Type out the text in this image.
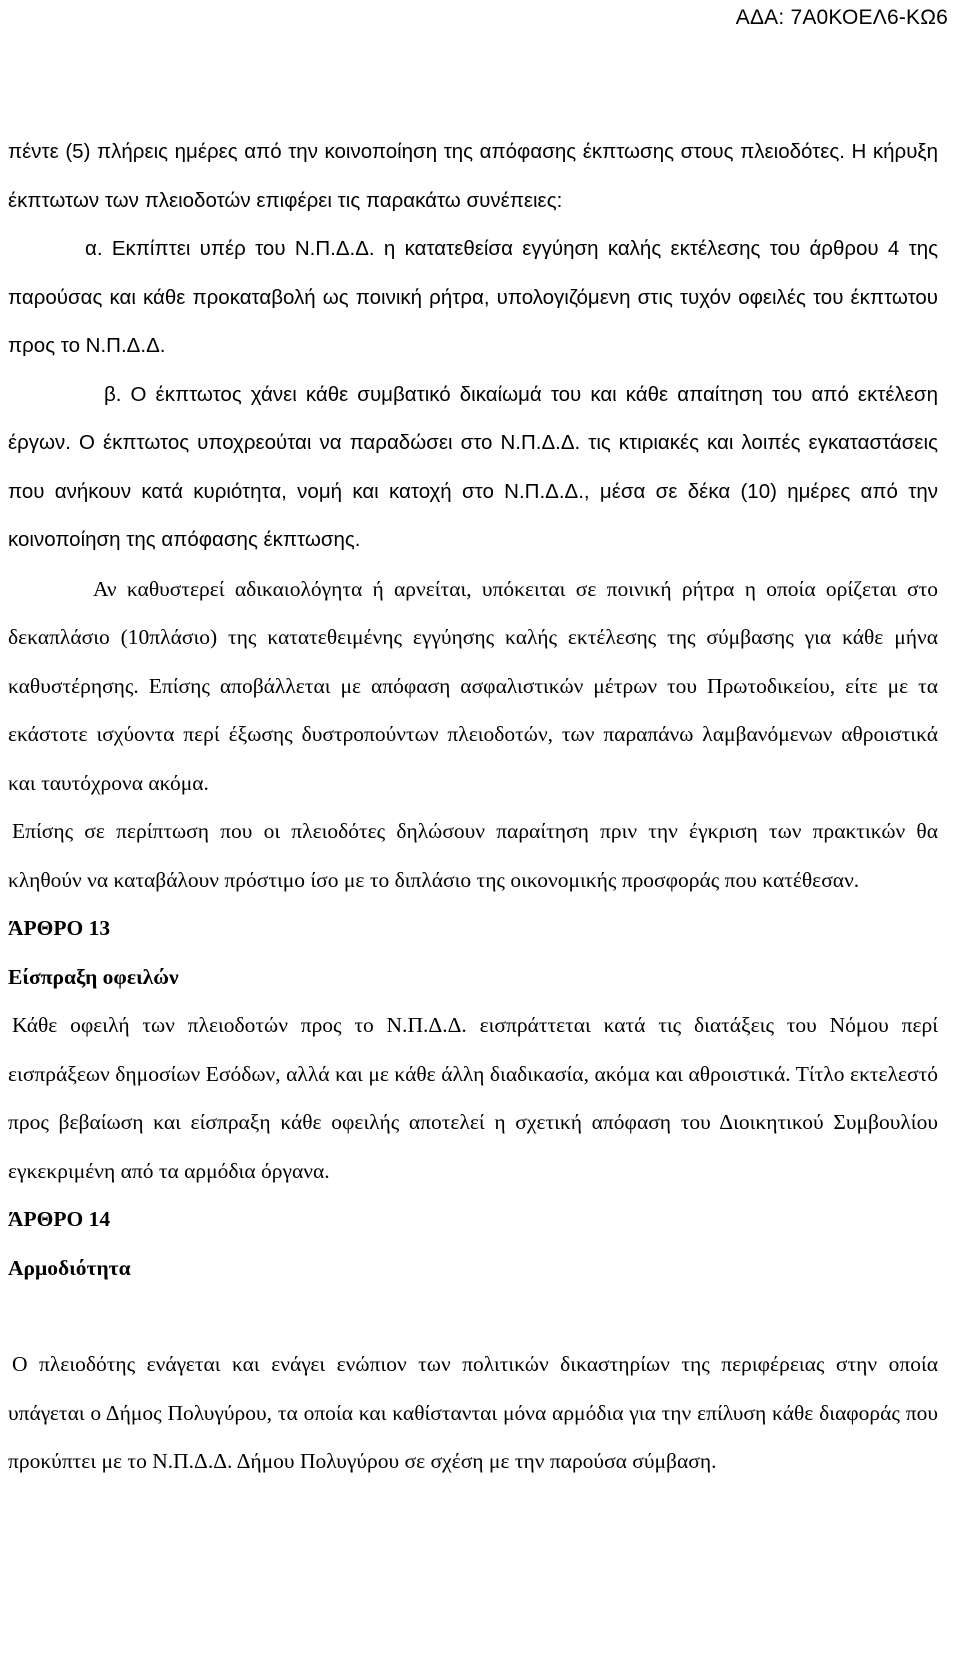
ΑΔΑ: 7Α0ΚΟΕΛ6-ΚΩ6

πέντε (5) πλήρεις ημέρες από την κοινοποίηση της απόφασης έκπτωσης στους πλειοδότες. Η κήρυξη έκπτωτων των πλειοδοτών επιφέρει τις παρακάτω συνέπειες:

α. Εκπίπτει υπέρ του Ν.Π.Δ.Δ. η κατατεθείσα εγγύηση καλής εκτέλεσης του άρθρου 4 της παρούσας και κάθε προκαταβολή ως ποινική ρήτρα, υπολογιζόμενη στις τυχόν οφειλές του έκπτωτου προς το Ν.Π.Δ.Δ.

β. Ο έκπτωτος χάνει κάθε συμβατικό δικαίωμά του και κάθε απαίτηση του από εκτέλεση έργων. Ο έκπτωτος υποχρεούται να παραδώσει στο Ν.Π.Δ.Δ. τις κτιριακές και λοιπές εγκαταστάσεις που ανήκουν κατά κυριότητα, νομή και κατοχή στο Ν.Π.Δ.Δ., μέσα σε δέκα (10) ημέρες από την κοινοποίηση της απόφασης έκπτωσης.

Αν καθυστερεί αδικαιολόγητα ή αρνείται, υπόκειται σε ποινική ρήτρα η οποία ορίζεται στο δεκαπλάσιο (10πλάσιο) της κατατεθειμένης εγγύησης καλής εκτέλεσης της σύμβασης για κάθε μήνα καθυστέρησης. Επίσης αποβάλλεται με απόφαση ασφαλιστικών μέτρων του Πρωτοδικείου, είτε με τα εκάστοτε ισχύοντα περί έξωσης δυστροπούντων πλειοδοτών, των παραπάνω λαμβανόμενων αθροιστικά και ταυτόχρονα ακόμα.

Επίσης σε περίπτωση που οι πλειοδότες δηλώσουν παραίτηση πριν την έγκριση των πρακτικών θα κληθούν να καταβάλουν πρόστιμο ίσο με το διπλάσιο της οικονομικής προσφοράς που κατέθεσαν.

ΆΡΘΡΟ 13

Είσπραξη οφειλών

Κάθε οφειλή των πλειοδοτών προς το Ν.Π.Δ.Δ. εισπράττεται κατά τις διατάξεις του Νόμου περί εισπράξεων δημοσίων Εσόδων, αλλά και με κάθε άλλη διαδικασία, ακόμα και αθροιστικά. Τίτλο εκτελεστό προς βεβαίωση και είσπραξη κάθε οφειλής αποτελεί η σχετική απόφαση του Διοικητικού Συμβουλίου εγκεκριμένη από τα αρμόδια όργανα.

ΆΡΘΡΟ 14

Αρμοδιότητα

Ο πλειοδότης ενάγεται και ενάγει ενώπιον των πολιτικών δικαστηρίων της περιφέρειας στην οποία υπάγεται ο Δήμος Πολυγύρου, τα οποία και καθίστανται μόνα αρμόδια για την επίλυση κάθε διαφοράς που προκύπτει με το Ν.Π.Δ.Δ. Δήμου Πολυγύρου σε σχέση με την παρούσα σύμβαση.
